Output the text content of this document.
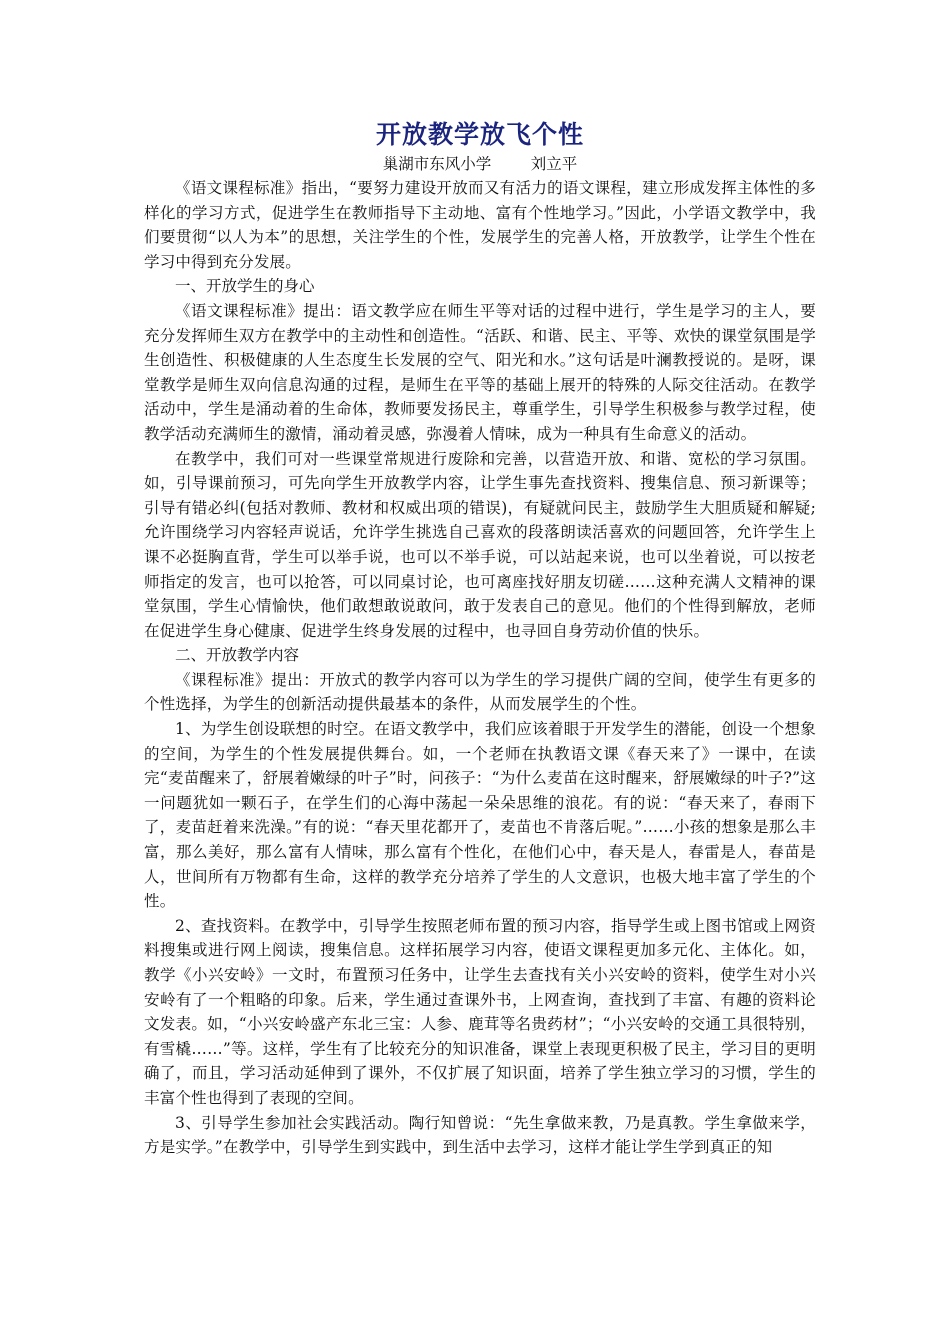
开放教学放飞个性

巢湖市东风小学        刘立平

《语文课程标准》指出，“要努力建设开放而又有活力的语文课程，建立形成发挥主体性的多样化的学习方式，促进学生在教师指导下主动地、富有个性地学习。”因此，小学语文教学中，我们要贯彻“以人为本”的思想，关注学生的个性，发展学生的完善人格，开放教学，让学生个性在学习中得到充分发展。

一、开放学生的身心

《语文课程标准》提出：语文教学应在师生平等对话的过程中进行，学生是学习的主人，要充分发挥师生双方在教学中的主动性和创造性。“活跃、和谐、民主、平等、欢快的课堂氛围是学生创造性、积极健康的人生态度生长发展的空气、阳光和水。”这句话是叶澜教授说的。是呀，课堂教学是师生双向信息沟通的过程，是师生在平等的基础上展开的特殊的人际交往活动。在教学活动中，学生是涌动着的生命体，教师要发扬民主，尊重学生，引导学生积极参与教学过程，使教学活动充满师生的激情，涌动着灵感，弥漫着人情味，成为一种具有生命意义的活动。

在教学中，我们可对一些课堂常规进行废除和完善，以营造开放、和谐、宽松的学习氛围。如，引导课前预习，可先向学生开放教学内容，让学生事先查找资料、搜集信息、预习新课等；引导有错必纠(包括对教师、教材和权威出项的错误)，有疑就问民主，鼓励学生大胆质疑和解疑;允许围绕学习内容轻声说话，允许学生挑选自己喜欢的段落朗读活喜欢的问题回答，允许学生上课不必挺胸直背，学生可以举手说，也可以不举手说，可以站起来说，也可以坐着说，可以按老师指定的发言，也可以抢答，可以同桌讨论，也可离座找好朋友切磋……这种充满人文精神的课堂氛围，学生心情愉快，他们敢想敢说敢问，敢于发表自己的意见。他们的个性得到解放，老师在促进学生身心健康、促进学生终身发展的过程中，也寻回自身劳动价值的快乐。

二、开放教学内容

《课程标准》提出：开放式的教学内容可以为学生的学习提供广阔的空间，使学生有更多的个性选择，为学生的创新活动提供最基本的条件，从而发展学生的个性。

1、为学生创设联想的时空。在语文教学中，我们应该着眼于开发学生的潜能，创设一个想象的空间，为学生的个性发展提供舞台。如，一个老师在执教语文课《春天来了》一课中，在读完“麦苗醒来了，舒展着嫩绿的叶子”时，问孩子：“为什么麦苗在这时醒来，舒展嫩绿的叶子?”这一问题犹如一颗石子，在学生们的心海中荡起一朵朵思维的浪花。有的说：“春天来了，春雨下了，麦苗赶着来洗澡。”有的说：“春天里花都开了，麦苗也不肯落后呢。”……小孩的想象是那么丰富，那么美好，那么富有人情味，那么富有个性化，在他们心中，春天是人，春雷是人，春苗是人，世间所有万物都有生命，这样的教学充分培养了学生的人文意识，也极大地丰富了学生的个性。

2、查找资料。在教学中，引导学生按照老师布置的预习内容，指导学生或上图书馆或上网资料搜集或进行网上阅读，搜集信息。这样拓展学习内容，使语文课程更加多元化、主体化。如，教学《小兴安岭》一文时，布置预习任务中，让学生去查找有关小兴安岭的资料，使学生对小兴安岭有了一个粗略的印象。后来，学生通过查课外书，上网查询，查找到了丰富、有趣的资料论文发表。如，“小兴安岭盛产东北三宝：人参、鹿茸等名贵药材”；“小兴安岭的交通工具很特别，有雪橇……”等。这样，学生有了比较充分的知识准备，课堂上表现更积极了民主，学习目的更明确了，而且，学习活动延伸到了课外，不仅扩展了知识面，培养了学生独立学习的习惯，学生的丰富个性也得到了表现的空间。

3、引导学生参加社会实践活动。陶行知曾说：“先生拿做来教，乃是真教。学生拿做来学，方是实学。”在教学中，引导学生到实践中，到生活中去学习，这样才能让学生学到真正的知
